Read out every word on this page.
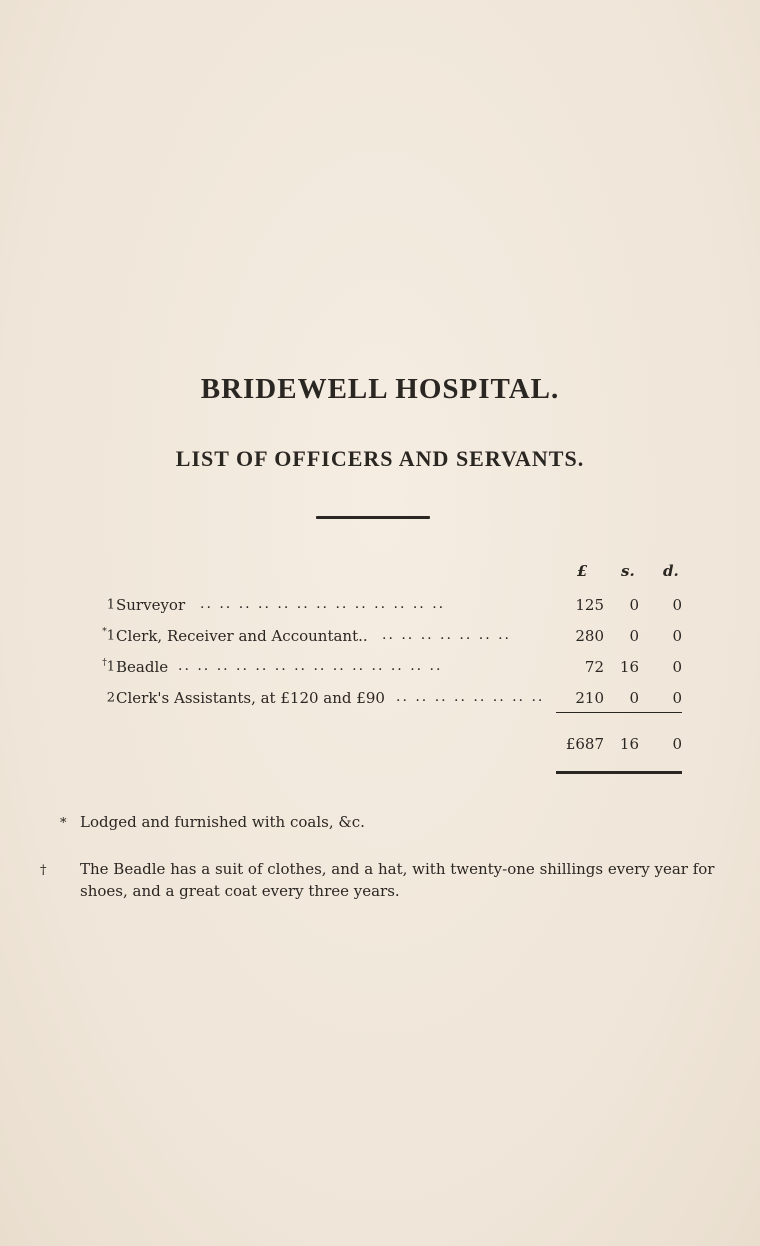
BRIDEWELL HOSPITAL.
LIST OF OFFICERS AND SERVANTS.
£ s. d.
1 Surveyor .. .. .. .. .. .. .. .. .. .. .. .. ..	125	0	0
*1 Clerk, Receiver and Accountant.. .. .. .. .. .. .. ..	280	0	0
†1 Beadle .. .. .. .. .. .. .. .. .. .. .. .. .. ..	72	16	0
2 Clerk's Assistants, at £120 and £90 .. .. .. .. .. .. .. ..	210	0	0
£687	16	0
* Lodged and furnished with coals, &c.
† The Beadle has a suit of clothes, and a hat, with twenty-one shillings every year for shoes, and a great coat every three years.
